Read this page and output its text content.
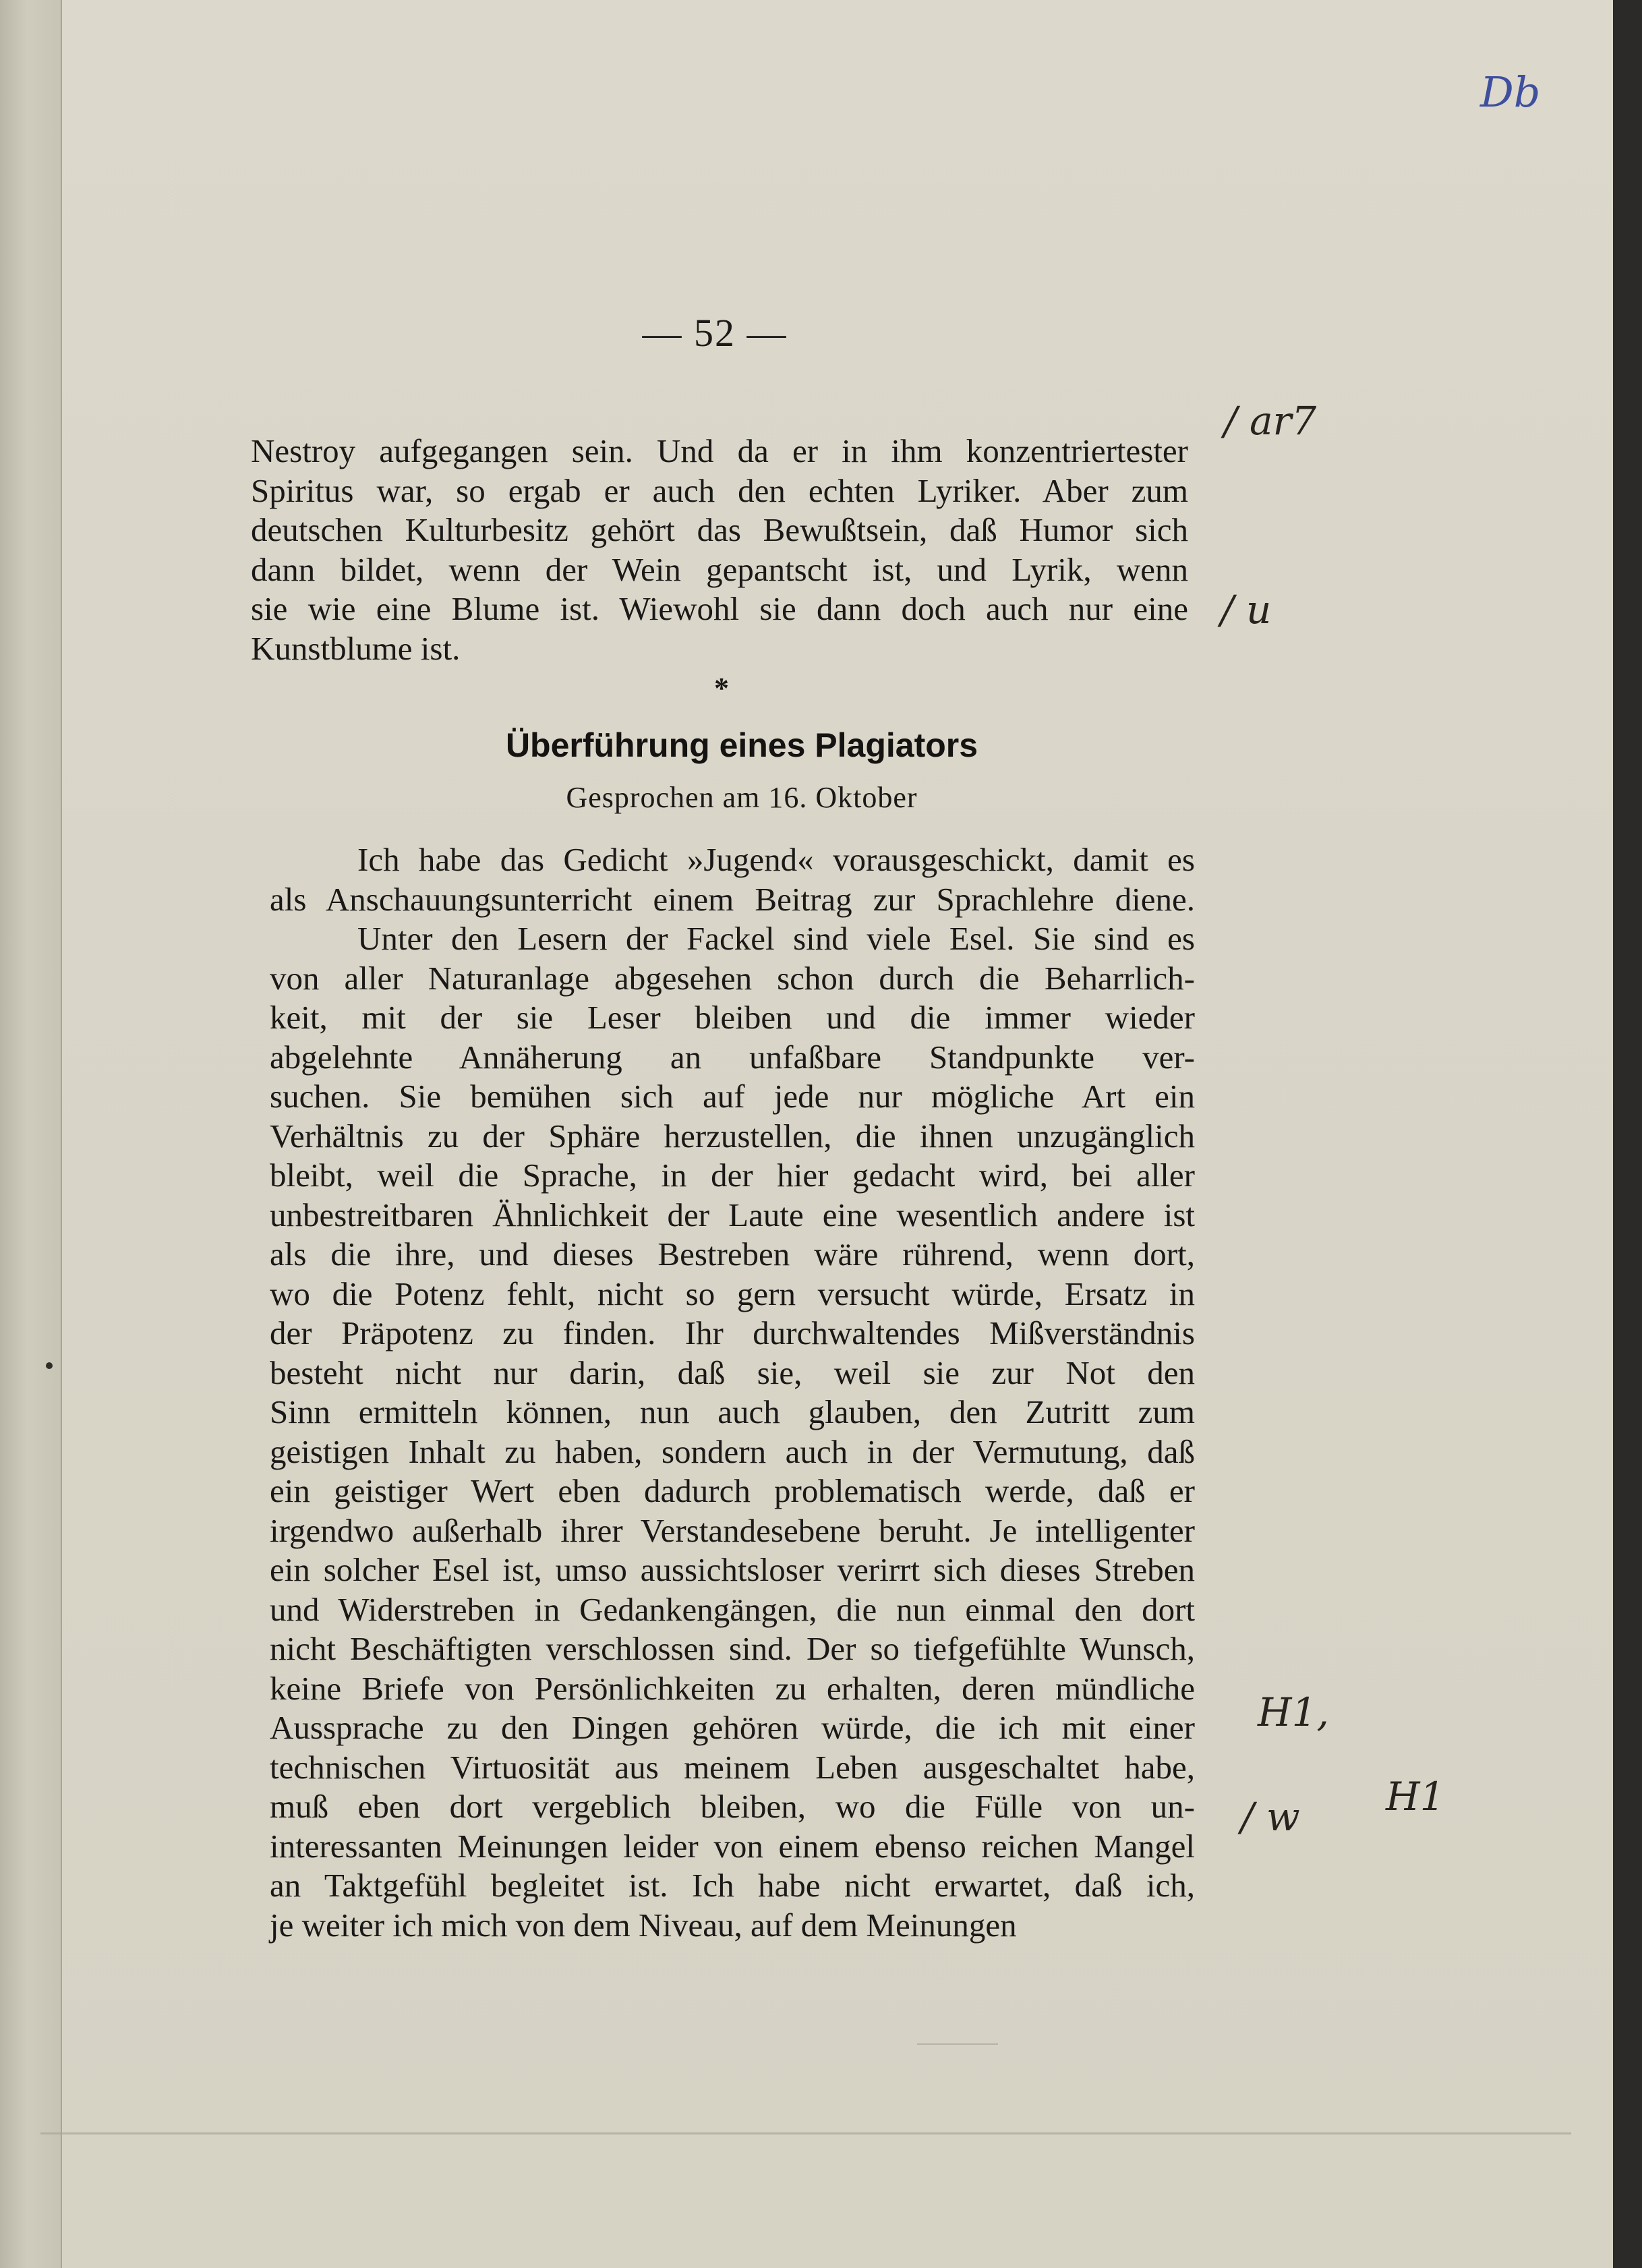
Db
— 52 —
Nestroy aufgegangen sein. Und da er in ihm konzentriertester
Spiritus war, so ergab er auch den echten Lyriker. Aber zum
deutschen Kulturbesitz gehört das Bewußtsein, daß Humor sich
dann bildet, wenn der Wein gepantscht ist, und Lyrik, wenn
sie wie eine Blume ist. Wiewohl sie dann doch auch nur eine
Kunstblume ist.
*
Überführung eines Plagiators
Gesprochen am 16. Oktober
Ich habe das Gedicht »Jugend« vorausgeschickt, damit es
als Anschauungsunterricht einem Beitrag zur Sprachlehre diene.
Unter den Lesern der Fackel sind viele Esel. Sie sind es
von aller Naturanlage abgesehen schon durch die Beharrlich-
keit, mit der sie Leser bleiben und die immer wieder
abgelehnte Annäherung an unfaßbare Standpunkte ver-
suchen. Sie bemühen sich auf jede nur mögliche Art ein
Verhältnis zu der Sphäre herzustellen, die ihnen unzugänglich
bleibt, weil die Sprache, in der hier gedacht wird, bei aller
unbestreitbaren Ähnlichkeit der Laute eine wesentlich andere ist
als die ihre, und dieses Bestreben wäre rührend, wenn dort,
wo die Potenz fehlt, nicht so gern versucht würde, Ersatz in
der Präpotenz zu finden. Ihr durchwaltendes Mißverständnis
besteht nicht nur darin, daß sie, weil sie zur Not den
Sinn ermitteln können, nun auch glauben, den Zutritt zum
geistigen Inhalt zu haben, sondern auch in der Vermutung, daß
ein geistiger Wert eben dadurch problematisch werde, daß er
irgendwo außerhalb ihrer Verstandesebene beruht. Je intelligenter
ein solcher Esel ist, umso aussichtsloser verirrt sich dieses Streben
und Widerstreben in Gedankengängen, die nun einmal den dort
nicht Beschäftigten verschlossen sind. Der so tiefgefühlte Wunsch,
keine Briefe von Persönlichkeiten zu erhalten, deren mündliche
Aussprache zu den Dingen gehören würde, die ich mit einer
technischen Virtuosität aus meinem Leben ausgeschaltet habe,
muß eben dort vergeblich bleiben, wo die Fülle von un-
interessanten Meinungen leider von einem ebenso reichen Mangel
an Taktgefühl begleitet ist. Ich habe nicht erwartet, daß ich,
je weiter ich mich von dem Niveau, auf dem Meinungen
/ ar7
/ u
H1,
/ w H1
